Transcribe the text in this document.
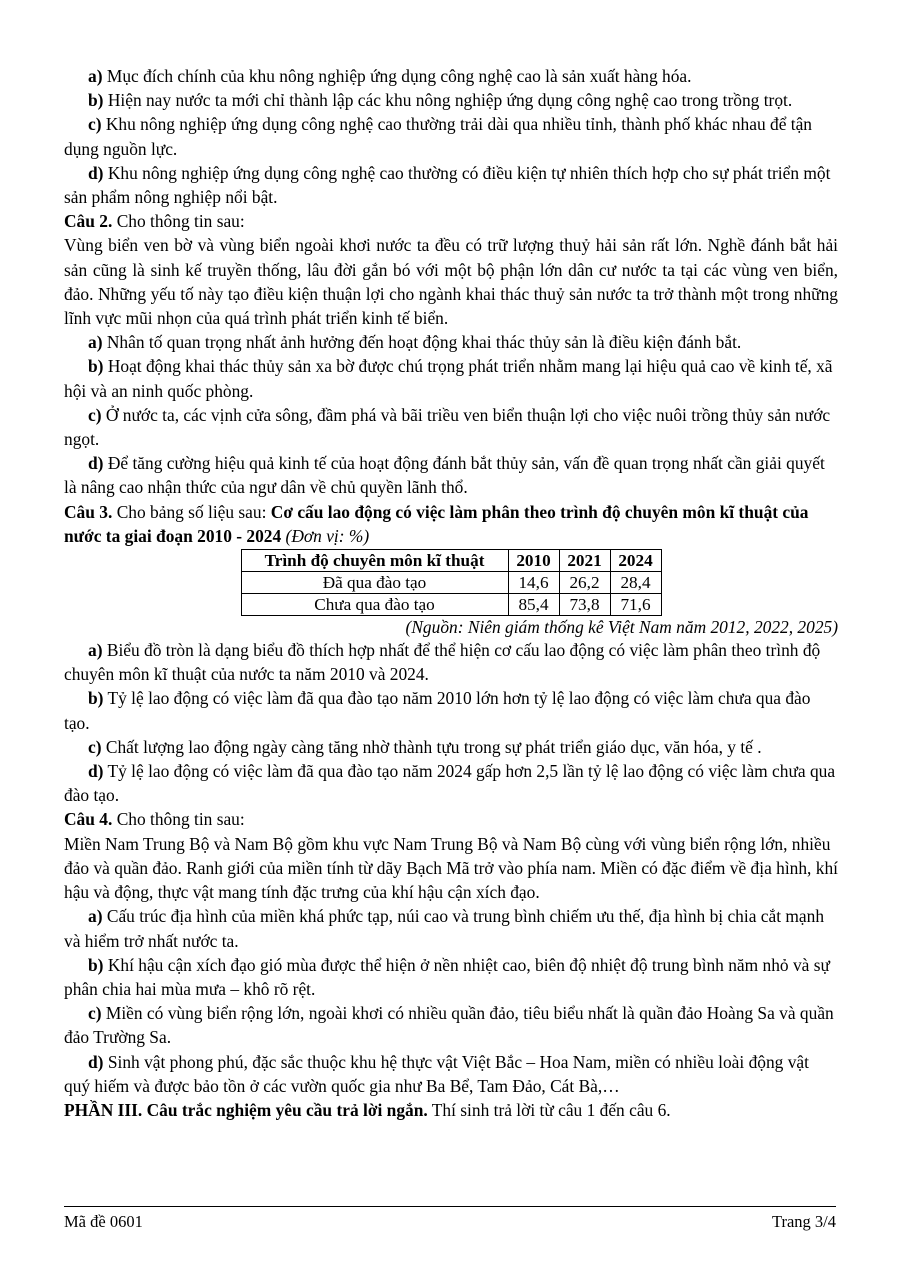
a) Mục đích chính của khu nông nghiệp ứng dụng công nghệ cao là sản xuất hàng hóa.

b) Hiện nay nước ta mới chỉ thành lập các khu nông nghiệp ứng dụng công nghệ cao trong trồng trọt.

c) Khu nông nghiệp ứng dụng công nghệ cao thường trải dài qua nhiều tỉnh, thành phố khác nhau để tận dụng nguồn lực.

d) Khu nông nghiệp ứng dụng công nghệ cao thường có điều kiện tự nhiên thích hợp cho sự phát triển một sản phẩm nông nghiệp nổi bật.

Câu 2. Cho thông tin sau:

Vùng biển ven bờ và vùng biển ngoài khơi nước ta đều có trữ lượng thuỷ hải sản rất lớn. Nghề đánh bắt hải sản cũng là sinh kế truyền thống, lâu đời gắn bó với một bộ phận lớn dân cư nước ta tại các vùng ven biển, đảo. Những yếu tố này tạo điều kiện thuận lợi cho ngành khai thác thuỷ sản nước ta trở thành một trong những lĩnh vực mũi nhọn của quá trình phát triển kinh tế biển.

a) Nhân tố quan trọng nhất ảnh hưởng đến hoạt động khai thác thủy sản là điều kiện đánh bắt.

b) Hoạt động khai thác thủy sản xa bờ được chú trọng phát triển nhằm mang lại hiệu quả cao về kinh tế, xã hội và an ninh quốc phòng.

c) Ở nước ta, các vịnh cửa sông, đầm phá và bãi triều ven biển thuận lợi cho việc nuôi trồng thủy sản nước ngọt.

d) Để tăng cường hiệu quả kinh tế của hoạt động đánh bắt thủy sản, vấn đề quan trọng nhất cần giải quyết là nâng cao nhận thức của ngư dân về chủ quyền lãnh thổ.

Câu 3. Cho bảng số liệu sau: Cơ cấu lao động có việc làm phân theo trình độ chuyên môn kĩ thuật của nước ta giai đoạn 2010 - 2024 (Đơn vị: %)

Trình độ chuyên môn kĩ thuật	2010	2021	2024
Đã qua đào tạo	14,6	26,2	28,4
Chưa qua đào tạo	85,4	73,8	71,6

(Nguồn: Niên giám thống kê Việt Nam năm 2012, 2022, 2025)

a) Biểu đồ tròn là dạng biểu đồ thích hợp nhất để thể hiện cơ cấu lao động có việc làm phân theo trình độ chuyên môn kĩ thuật của nước ta năm 2010 và 2024.

b) Tỷ lệ lao động có việc làm đã qua đào tạo năm 2010 lớn hơn tỷ lệ lao động có việc làm chưa qua đào tạo.

c) Chất lượng lao động ngày càng tăng nhờ thành tựu trong sự phát triển giáo dục, văn hóa, y tế .

d) Tỷ lệ lao động có việc làm đã qua đào tạo năm 2024 gấp hơn 2,5 lần tỷ lệ lao động có việc làm chưa qua đào tạo.

Câu 4. Cho thông tin sau:

Miền Nam Trung Bộ và Nam Bộ gồm khu vực Nam Trung Bộ và Nam Bộ cùng với vùng biển rộng lớn, nhiều đảo và quần đảo. Ranh giới của miền tính từ dãy Bạch Mã trở vào phía nam. Miền có đặc điểm về địa hình, khí hậu và động, thực vật mang tính đặc trưng của khí hậu cận xích đạo.

a) Cấu trúc địa hình của miền khá phức tạp, núi cao và trung bình chiếm ưu thế, địa hình bị chia cắt mạnh và hiểm trở nhất nước ta.

b) Khí hậu cận xích đạo gió mùa được thể hiện ở nền nhiệt cao, biên độ nhiệt độ trung bình năm nhỏ và sự phân chia hai mùa mưa – khô rõ rệt.

c) Miền có vùng biển rộng lớn, ngoài khơi có nhiều quần đảo, tiêu biểu nhất là quần đảo Hoàng Sa và quần đảo Trường Sa.

d) Sinh vật phong phú, đặc sắc thuộc khu hệ thực vật Việt Bắc – Hoa Nam, miền có nhiều loài động vật quý hiếm và được bảo tồn ở các vườn quốc gia như Ba Bể, Tam Đảo, Cát Bà,…

PHẦN III. Câu trắc nghiệm yêu cầu trả lời ngắn. Thí sinh trả lời từ câu 1 đến câu 6.

Mã đề 0601	Trang 3/4
